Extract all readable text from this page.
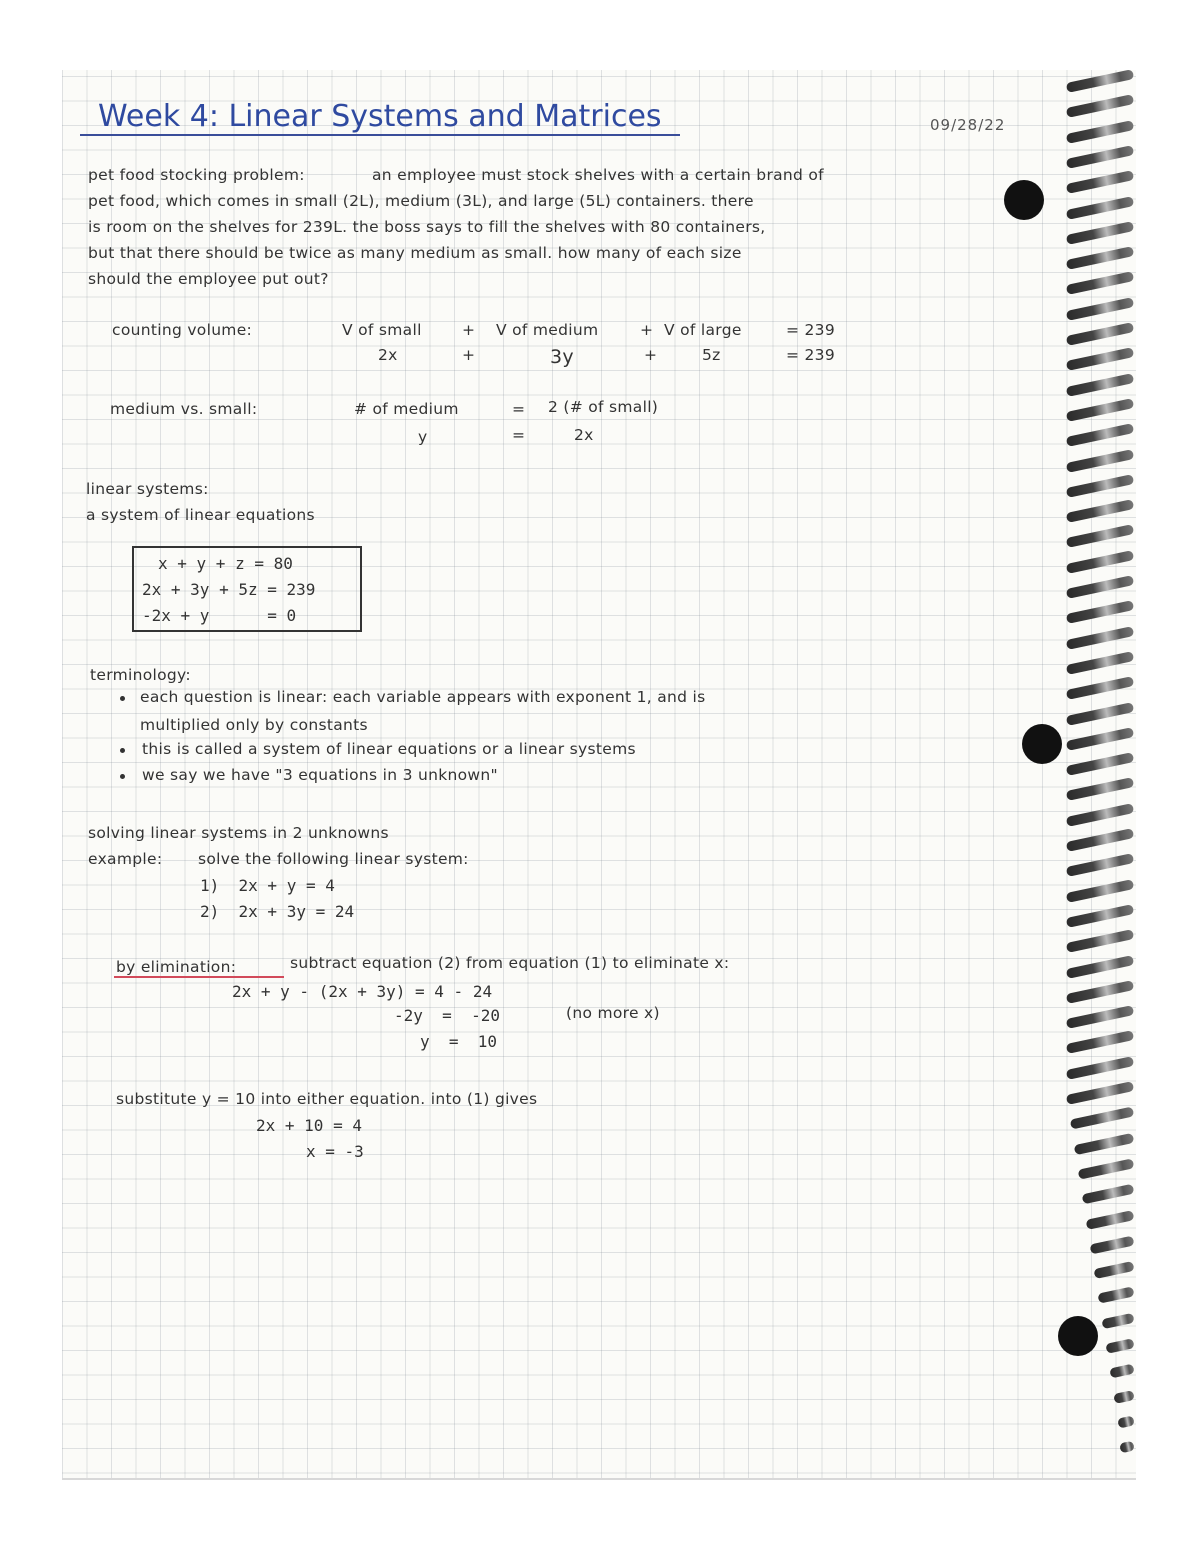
Week 4: Linear Systems and Matrices	09/28/22
pet food stocking problem:	an employee must stock shelves with a certain brand of
pet food, which comes in small (2L), medium (3L), and large (5L) containers. there
is room on the shelves for 239L. the boss says to fill the shelves with 80 containers,
but that there should be twice as many medium as small. how many of each size
should the employee put out?
counting volume:	V of small	+ V of medium	+ V of large	= 239
2x	+	3y	+	5z	= 239
medium vs. small:	# of medium	= 2 (# of small)
y	=	2x
linear systems:
a system of linear equations
x + y + z = 80
2x + 3y + 5z = 239
-2x + y      = 0
terminology:
each question is linear: each variable appears with exponent 1, and is
multiplied only by constants
this is called a system of linear equations or a linear systems
we say we have "3 equations in 3 unknown"
solving linear systems in 2 unknowns
example: solve the following linear system:
1)  2x + y = 4
2)  2x + 3y = 24
by elimination:	subtract equation (2) from equation (1) to eliminate x:
2x + y - (2x + 3y) = 4 - 24
-2y  =  -20	(no more x)
y  =  10
substitute y = 10 into either equation. into (1) gives
2x + 10 = 4
x = -3
